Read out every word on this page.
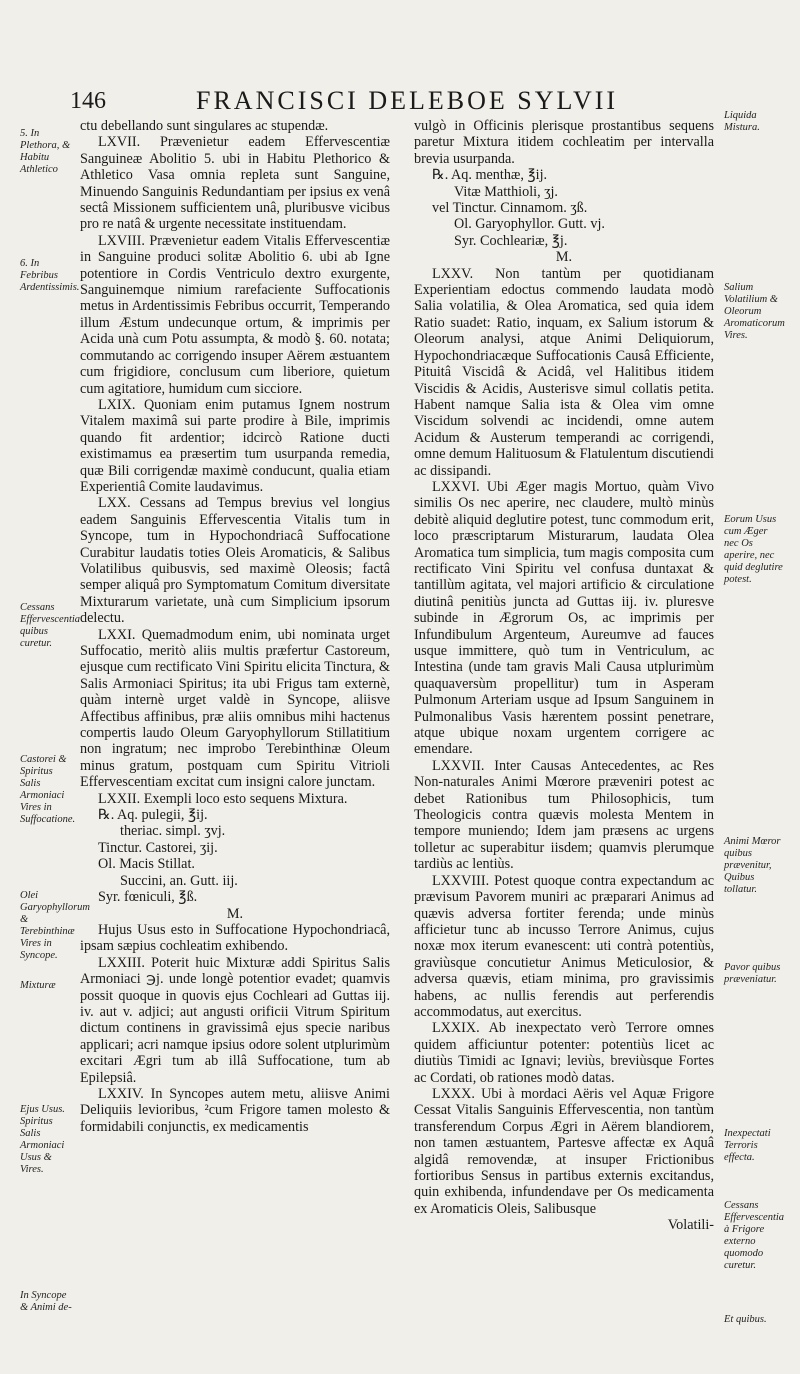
146	FRANCISCI DELEBOE SYLVII
5. In Plethora, & Habitu Athletico
6. In Febribus Ardentissimis.
Cessans Effervescentia quibus curetur.
Castorei & Spiritus Salis Armoniaci Vires in Suffocatione.
Olei Garyophyllorum & Terebinthinæ Vires in Syncope.
Mixturæ
Ejus Usus. Spiritus Salis Armoniaci Usus & Vires.
In Syncope & Animi de-
Liquida Mistura.
Salium Volatilium & Oleorum Aromaticorum Vires.
Eorum Usus cum Æger nec Os aperire, nec quid deglutire potest.
Animi Mœror quibus prævenitur, Quibus tollatur.
Pavor quibus præveniatur.
Inexpectati Terroris effecta.
Cessans Effervescentia à Frigore externo quomodo curetur.
Et quibus.

ctu debellando sunt singulares ac stupendæ.

LXVII. Prævenietur eadem Effervescentiæ Sanguineæ Abolitio 5. ubi in Habitu Plethorico & Athletico Vasa omnia repleta sunt Sanguine, Minuendo Sanguinis Redundantiam per ipsius ex venâ sectâ Missionem sufficientem unâ, pluribusve vicibus pro re natâ & urgente necessitate instituendam.

LXVIII. Prævenietur eadem Vitalis Effervescentiæ in Sanguine produci solitæ Abolitio 6. ubi ab Igne potentiore in Cordis Ventriculo dextro exurgente, Sanguinemque nimium rarefaciente Suffocationis metus in Ardentissimis Febribus occurrit, Temperando illum Æstum undecunque ortum, & imprimis per Acida unà cum Potu assumpta, & modò §. 60. notata; commutando ac corrigendo insuper Aërem æstuantem cum frigidiore, conclusum cum liberiore, quietum cum agitatiore, humidum cum sicciore.

LXIX. Quoniam enim putamus Ignem nostrum Vitalem maximâ sui parte prodire à Bile, imprimis quando fit ardentior; idcircò Ratione ducti existimamus ea præsertim tum usurpanda remedia, quæ Bili corrigendæ maximè conducunt, qualia etiam Experientiâ Comite laudavimus.

LXX. Cessans ad Tempus brevius vel longius eadem Sanguinis Effervescentia Vitalis tum in Syncope, tum in Hypochondriacâ Suffocatione Curabitur laudatis toties Oleis Aromaticis, & Salibus Volatilibus quibusvis, sed maximè Oleosis; factâ semper aliquâ pro Symptomatum Comitum diversitate Mixturarum varietate, unà cum Simplicium ipsorum delectu.

LXXI. Quemadmodum enim, ubi nominata urget Suffocatio, meritò aliis multis præfertur Castoreum, ejusque cum rectificato Vini Spiritu elicita Tinctura, & Salis Armoniaci Spiritus; ita ubi Frigus tam externè, quàm internè urget valdè in Syncope, aliisve Affectibus affinibus, præ aliis omnibus mihi hactenus compertis laudo Oleum Garyophyllorum Stillatitium non ingratum; nec improbo Terebinthinæ Oleum minus gratum, postquam cum Spiritu Vitrioli Effervescentiam excitat cum insigni calore junctam.

LXXII. Exempli loco esto sequens Mixtura.

℞. Aq. pulegii, ℥ij.

theriac. simpl. ʒvj.

Tinctur. Castorei, ʒij.

Ol. Macis Stillat.

Succini, an. Gutt. iij.

Syr. fœniculi, ℥ß.

M.

Hujus Usus esto in Suffocatione Hypochondriacâ, ipsam sæpius cochleatim exhibendo.

LXXIII. Poterit huic Mixturæ addi Spiritus Salis Armoniaci ℈j. unde longè potentior evadet; quamvis possit quoque in quovis ejus Cochleari ad Guttas iij. iv. aut v. adjici; aut angusti orificii Vitrum Spiritum dictum continens in gravissimâ ejus specie naribus applicari; acri namque ipsius odore solent utplurimùm excitari Ægri tum ab illâ Suffocatione, tum ab Epilepsiâ.

LXXIV. In Syncopes autem metu, aliisve Animi Deliquiis levioribus, ²cum Frigore tamen molesto & formidabili conjunctis, ex medicamentis

vulgò in Officinis plerisque prostantibus sequens paretur Mixtura itidem cochleatim per intervalla brevia usurpanda.

℞. Aq. menthæ, ℥ij.

Vitæ Matthioli, ʒj.

vel Tinctur. Cinnamom. ʒß.

Ol. Garyophyllor. Gutt. vj.

Syr. Cochleariæ, ℥j.

M.

LXXV. Non tantùm per quotidianam Experientiam edoctus commendo laudata modò Salia volatilia, & Olea Aromatica, sed quia idem Ratio suadet: Ratio, inquam, ex Salium istorum & Oleorum analysi, atque Animi Deliquiorum, Hypochondriacæque Suffocationis Causâ Efficiente, Pituitâ Viscidâ & Acidâ, vel Halitibus itidem Viscidis & Acidis, Austerisve simul collatis petita. Habent namque Salia ista & Olea vim omne Viscidum solvendi ac incidendi, omne autem Acidum & Austerum temperandi ac corrigendi, omne demum Halituosum & Flatulentum discutiendi ac dissipandi.

LXXVI. Ubi Æger magis Mortuo, quàm Vivo similis Os nec aperire, nec claudere, multò minùs debitè aliquid deglutire potest, tunc commodum erit, loco præscriptarum Misturarum, laudata Olea Aromatica tum simplicia, tum magis composita cum rectificato Vini Spiritu vel confusa duntaxat & tantillùm agitata, vel majori artificio & circulatione diutinâ penitiùs juncta ad Guttas iij. iv. pluresve subinde in Ægrorum Os, ac imprimis per Infundibulum Argenteum, Aureumve ad fauces usque immittere, quò tum in Ventriculum, ac Intestina (unde tam gravis Mali Causa utplurimùm quaquaversùm propellitur) tum in Asperam Pulmonum Arteriam usque ad Ipsum Sanguinem in Pulmonalibus Vasis hærentem possint penetrare, atque ubique noxam urgentem corrigere ac emendare.

LXXVII. Inter Causas Antecedentes, ac Res Non-naturales Animi Mœrore præveniri potest ac debet Rationibus tum Philosophicis, tum Theologicis contra quævis molesta Mentem in tempore muniendo; Idem jam præsens ac urgens tolletur ac superabitur iisdem; quamvis plerumque tardiùs ac lentiùs.

LXXVIII. Potest quoque contra expectandum ac prævisum Pavorem muniri ac præparari Animus ad quævis adversa fortiter ferenda; unde minùs afficietur tunc ab incusso Terrore Animus, cujus noxæ mox iterum evanescent: uti contrà potentiùs, graviùsque concutietur Animus Meticulosior, & adversa quævis, etiam minima, pro gravissimis habens, ac nullis ferendis aut perferendis accommodatus, aut exercitus.

LXXIX. Ab inexpectato verò Terrore omnes quidem afficiuntur potenter: potentiùs licet ac diutiùs Timidi ac Ignavi; leviùs, breviùsque Fortes ac Cordati, ob rationes modò datas.

LXXX. Ubi à mordaci Aëris vel Aquæ Frigore Cessat Vitalis Sanguinis Effervescentia, non tantùm transferendum Corpus Ægri in Aërem blandiorem, non tamen æstuantem, Partesve affectæ ex Aquâ algidâ removendæ, at insuper Frictionibus fortioribus Sensus in partibus externis excitandus, quin exhibenda, infundendave per Os medicamenta ex Aromaticis Oleis, Salibusque

Volatili-
